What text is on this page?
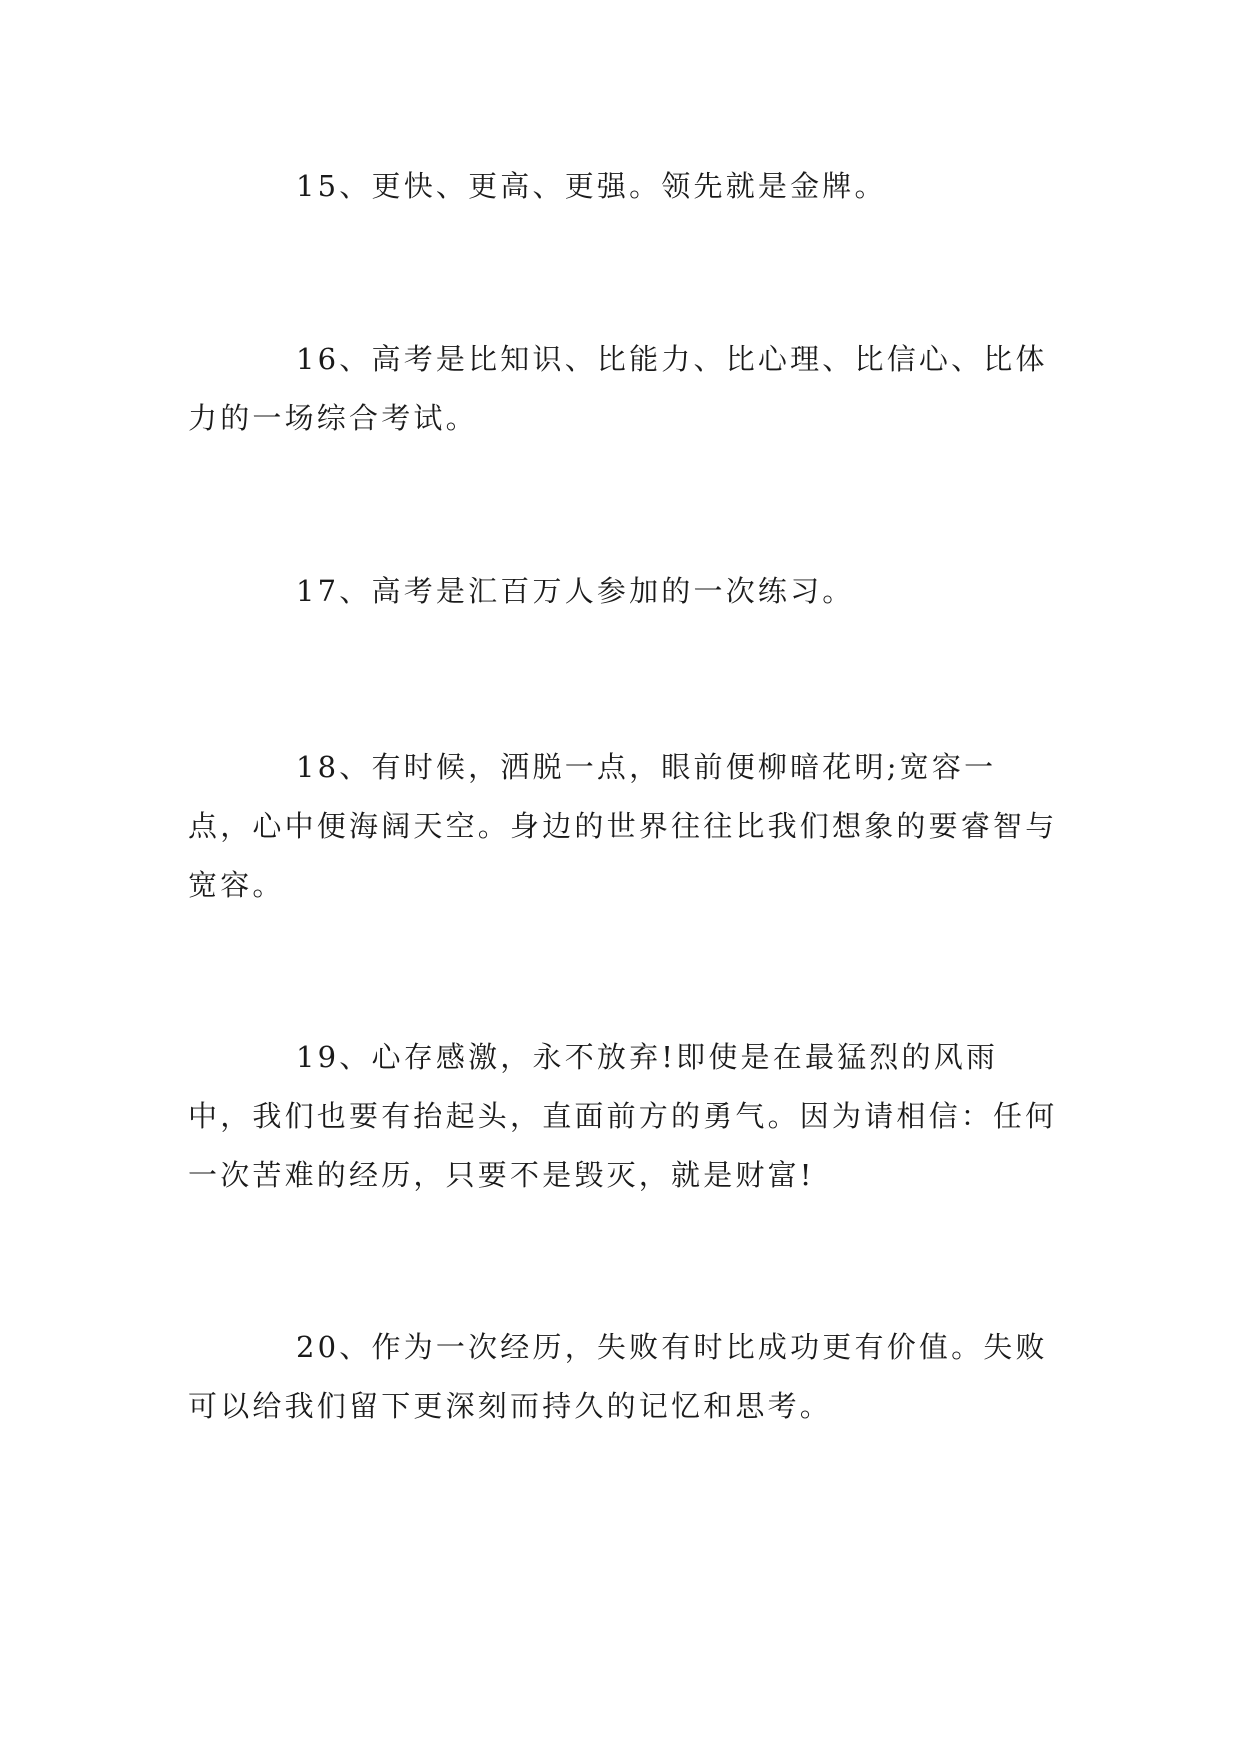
15、更快、更高、更强。领先就是金牌。

16、高考是比知识、比能力、比心理、比信心、比体力的一场综合考试。

17、高考是汇百万人参加的一次练习。

18、有时候，洒脱一点，眼前便柳暗花明;宽容一点，心中便海阔天空。身边的世界往往比我们想象的要睿智与宽容。

19、心存感激，永不放弃!即使是在最猛烈的风雨中，我们也要有抬起头，直面前方的勇气。因为请相信：任何一次苦难的经历，只要不是毁灭，就是财富!

20、作为一次经历，失败有时比成功更有价值。失败可以给我们留下更深刻而持久的记忆和思考。
